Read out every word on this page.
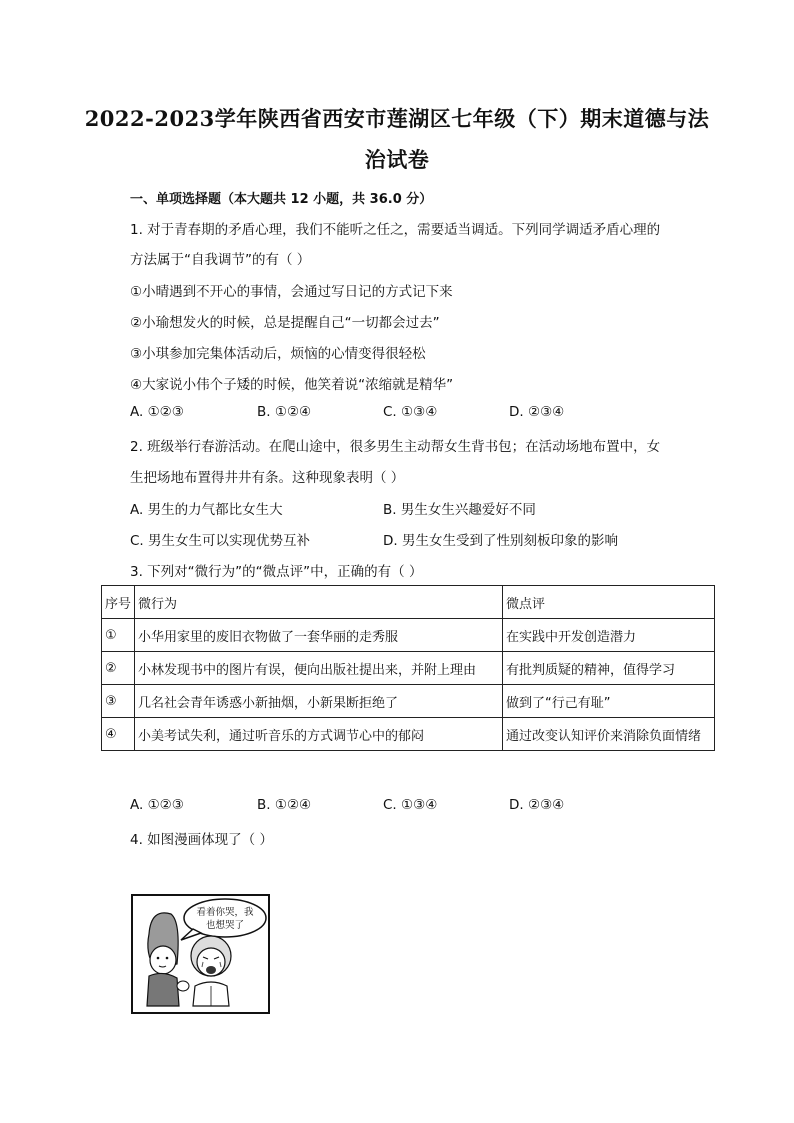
2022-2023学年陕西省西安市莲湖区七年级（下）期末道德与法
治试卷
一、单项选择题（本大题共 12 小题，共 36.0 分）
1. 对于青春期的矛盾心理，我们不能听之任之，需要适当调适。下列同学调适矛盾心理的
方法属于“自我调节”的有（ ）
①小晴遇到不开心的事情，会通过写日记的方式记下来
②小瑜想发火的时候，总是提醒自己“一切都会过去”
③小琪参加完集体活动后，烦恼的心情变得很轻松
④大家说小伟个子矮的时候，他笑着说“浓缩就是精华”
A. ①②③	B. ①②④	C. ①③④	D. ②③④
2. 班级举行春游活动。在爬山途中，很多男生主动帮女生背书包；在活动场地布置中，女
生把场地布置得井井有条。这种现象表明（ ）
A. 男生的力气都比女生大	B. 男生女生兴趣爱好不同
C. 男生女生可以实现优势互补	D. 男生女生受到了性别刻板印象的影响
3. 下列对“微行为”的“微点评”中，正确的有（ ）
序号	微行为	微点评
①	小华用家里的废旧衣物做了一套华丽的走秀服	在实践中开发创造潜力
②	小林发现书中的图片有误，便向出版社提出来，并附上理由	有批判质疑的精神，值得学习
③	几名社会青年诱惑小新抽烟，小新果断拒绝了	做到了“行己有耻”
④	小美考试失利，通过听音乐的方式调节心中的郁闷	通过改变认知评价来消除负面情绪
A. ①②③	B. ①②④	C. ①③④	D. ②③④
4. 如图漫画体现了（ ）
看着你哭，我
也想哭了
